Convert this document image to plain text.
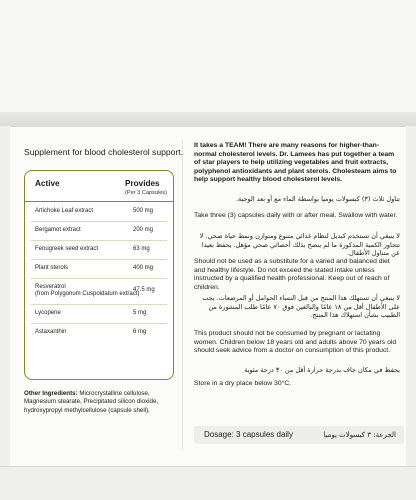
Supplement for blood cholesterol support.
Active	Provides
(Per 3 Capsules)
Artichoke Leaf extract	500 mg
Bergamot extract	200 mg
Fenugreek seed extract	63 mg
Plant sterols	400 mg
Resveratrol	47.5 mg
(from Polygonum Cuspoidatum extract)
Lycopene	5 mg
Astaxanthin	6 mg
Other Ingredients: Microcrystalline cellulose, Magnesium stearate, Precipitated silicon dioxide, hydroxypropyl methylcellulose (capsule shell).
It takes a TEAM! There are many reasons for higher-than-normal cholesterol levels. Dr. Lamees has put together a team of star players to help utilizing vegetables and fruit extracts, polyphenol antioxidants and plant sterols. Cholesteam aims to help support healthy blood cholesterol levels.
تناول ثلاث (٣) كبسولات يوميا بواسطة الماء مع أو بعد الوجبة.
Take three (3) capsules daily with or after meal. Swallow with water.
لا ينبغي أن تستخدم كبديل لنظام غذائي متنوع ومتوازن ونمط حياة صحي. لا تتجاوز الكمية المذكورة ما لم ينصح بذلك أخصائي صحي مؤهل. يحفظ بعيدا عن متناول الأطفال.
Should not be used as a substitute for a varied and balanced diet and healthy lifestyle. Do not exceed the stated intake unless instructed by a qualified health professional. Keep out of reach of children.
لا ينبغي أن تستهلك هذا المنتج من قبل النساء الحوامل أو المرضعات. يجب على الأطفال أقل من ١٨ عامًا والبالغين فوق ٧٠ عامًا طلب المشورة من الطبيب بشأن استهلاك هذا المنتج.
This product should not be consumed by pregnant or lactating women. Children below 18 years old and adults above 70 years old should seek advice from a doctor on consumption of this product.
يحفظ في مكان جاف بدرجة حرارة أقل من ٣٠ درجة مئوية
Store in a dry place below 30°C.
Dosage: 3 capsules daily	الجرعة: ٣ كبسولات يوميا
